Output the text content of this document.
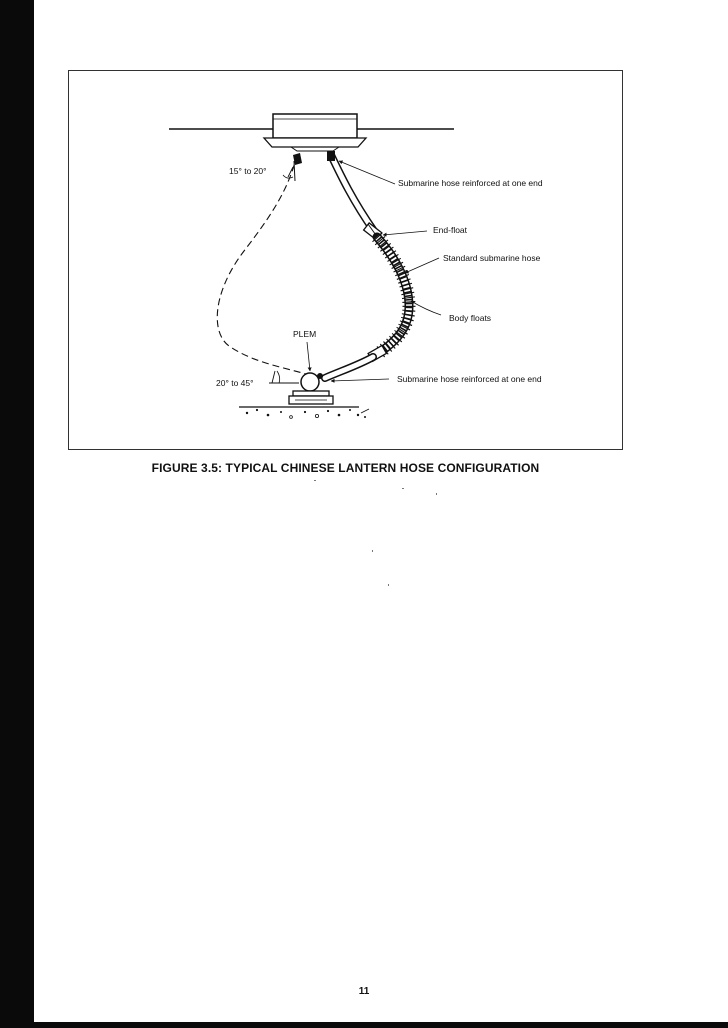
15° to 20°
Submarine hose reinforced at one end
End-float
Standard submarine hose
Body floats
PLEM
20° to 45°	Submarine hose reinforced at one end
FIGURE 3.5: TYPICAL CHINESE LANTERN HOSE CONFIGURATION
11
